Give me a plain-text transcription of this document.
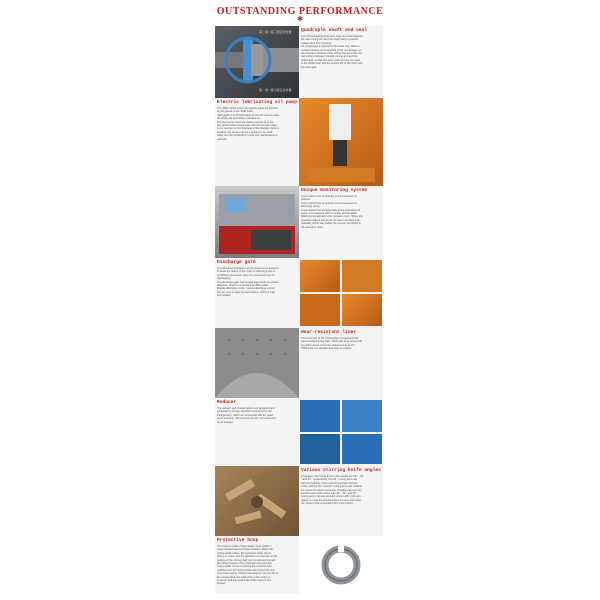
OUTSTANDING PERFORMANCE
✱
第二道 / 第三道密封装置
第一道 / 第四道密封装置
Quadruple shaft end seal
Two robust bearing protection rings are used between
the axle mixing arm and the shaft head to prevent
coarse sand from entering.
Air oil passage is opened in the sheet ring. When a
certain pressure air is supplied in the oil passage, an
air pressure protective plate will be formed at the con-
tact surface between the axle mixing arm and the
shaft head, so that the water and mud are not close
to the shaft head, and the service life of the mixer will
be prolonged.
Electric lubricating oil pump
The JS80 mixing motor can quickly inject the lubricat-
ing oil grease to the shaft head.
High grade 0 or 00 lubricating oil can be used to make
the shaft end seal better and save oil.
The four pump cores are used to supply oil to the
four shaft heads respectively, and the disorder valve
is not needed, so the blockage of the disorder valve is
avoided, the grease can be supplied to the shaft
head, and the workload of repair and maintenance is
reduced.
Unique monitoring system
It can monitor the oil quantity and temperature of
gearbox.
It can monitor the oil quantity and temperature of
discharge pump.
It can monitor the working state of the lubricating oil
pump. It is equipped with a monitor and an alarm
which can be alerted in the operation room. When the
operation data is abnormal, the alarm will alert auto-
matically, which can enable the normal monitoring in
the operation room.
Discharge gate
The advanced hydraulic mixing equipment is adopted
to avoid the failure of the mixer to discharge due to
insufficient pneumatic when the pneumatic door is
discharging.
The discharge gate has several stop points as grease
discation, which is convenient for filling plant.
Double discharge mode, manual discharge control
can be used in case of power failure, which is safe
and reliable.
Wear-resistant liner
The inner part of the mixing drum is equipped with
wear-resistant lining plate, which has long service life.
Its performance meets the requirements of JC /
T906-2-93. It is durable and easy to replace.
Reducer
The reducer and oil seal system are designed and
produced by foreign standard manufacturers for
Paulgarrison, which can cooperate with the dead
lever smoothly, with long service life, low noise and
no oil leakage.
Various stirring knife angles
At present, the mixing arms in the market are 45 ° , 60
° and 90 ° respectively. The 90 ° mixing arms are
also for hydraulic mixer and commercial concrete
mixer, and the 45 ° and 60 ° mixing arms are suitable
for mixers of various purposes. Portable can not only
provide users with mixers with 45 °, 60 ° and 90 °
mixing arms, but also develop mixers with multi-arm
design to meet the special needs of users and make
the mixing more convenient fully more evenly.
Protective hoop
The hoop is made of high-quality steel, which is
wear-resistant and corrosion-resistant. When the
mixing shaft rotates, the protective hoop can be
driven to rotate, and the adhesion of concrete on the
surface of the mixing shaft can be reduced through
the friction between the protective hoop and the
mixing shaft. So as to prevent the concrete from
solidifying on the mixing shaft and prevent the con-
crete from setting. While prolonging the service life of
the mixing shaft, the load of the mixer motor is
reduced, and the service life of the mixer is pro-
longed.
